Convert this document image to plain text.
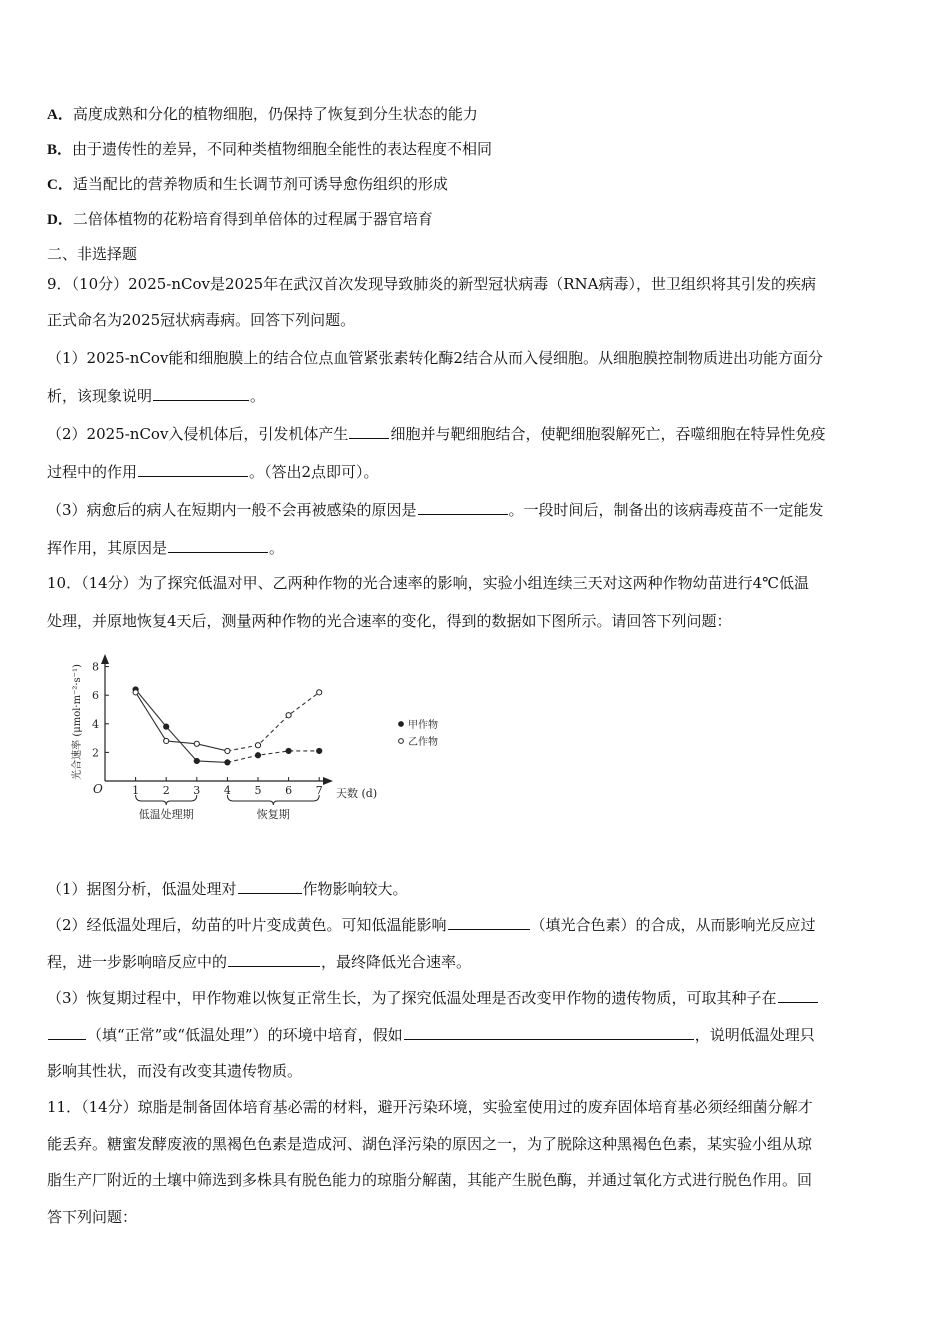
A．高度成熟和分化的植物细胞，仍保持了恢复到分生状态的能力
B．由于遗传性的差异，不同种类植物细胞全能性的表达程度不相同
C．适当配比的营养物质和生长调节剂可诱导愈伤组织的形成
D．二倍体植物的花粉培育得到单倍体的过程属于器官培育
二、非选择题
9．（10分）2025-nCov是2025年在武汉首次发现导致肺炎的新型冠状病毒（RNA病毒），世卫组织将其引发的疾病
正式命名为2025冠状病毒病。回答下列问题。
（1）2025-nCov能和细胞膜上的结合位点血管紧张素转化酶2结合从而入侵细胞。从细胞膜控制物质进出功能方面分
析，该现象说明	。
（2）2025-nCov入侵机体后，引发机体产生	细胞并与靶细胞结合，使靶细胞裂解死亡，吞噬细胞在特异性免疫
过程中的作用	。（答出2点即可）。
（3）病愈后的病人在短期内一般不会再被感染的原因是	。一段时间后，制备出的该病毒疫苗不一定能发
挥作用，其原因是	。
10．（14分）为了探究低温对甲、乙两种作物的光合速率的影响，实验小组连续三天对这两种作物幼苗进行4℃低温
处理，并原地恢复4天后，测量两种作物的光合速率的变化，得到的数据如下图所示。请回答下列问题：
O	天数 (d)
光合速率 (μmol·m⁻²·s⁻¹)
1 2 3 4 5 6 7
2
4
6
8
低温处理期	恢复期
甲作物
乙作物
（1）据图分析，低温处理对	作物影响较大。
（2）经低温处理后，幼苗的叶片变成黄色。可知低温能影响	（填光合色素）的合成，从而影响光反应过
程，进一步影响暗反应中的	，最终降低光合速率。
（3）恢复期过程中，甲作物难以恢复正常生长，为了探究低温处理是否改变甲作物的遗传物质，可取其种子在
（填“正常”或“低温处理”）的环境中培育，假如	，说明低温处理只
影响其性状，而没有改变其遗传物质。
11．（14分）琼脂是制备固体培育基必需的材料，避开污染环境，实验室使用过的废弃固体培育基必须经细菌分解才
能丢弃。糖蜜发酵废液的黑褐色色素是造成河、湖色泽污染的原因之一，为了脱除这种黑褐色色素，某实验小组从琼
脂生产厂附近的土壤中筛选到多株具有脱色能力的琼脂分解菌，其能产生脱色酶，并通过氧化方式进行脱色作用。回
答下列问题：
